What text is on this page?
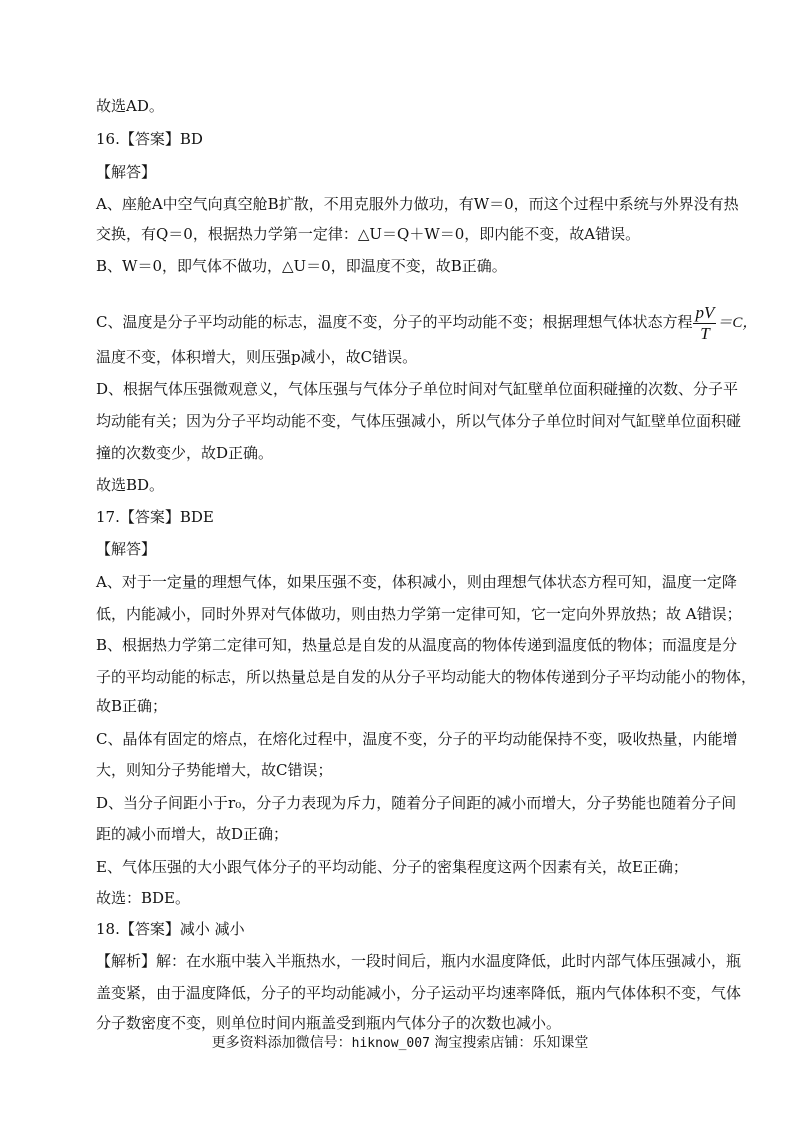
故选AD。
16.【答案】BD
【解答】
A、座舱A中空气向真空舱B扩散，不用克服外力做功，有W＝0，而这个过程中系统与外界没有热
交换，有Q＝0，根据热力学第一定律：△U＝Q＋W＝0，即内能不变，故A错误。
B、W＝0，即气体不做功，△U＝0，即温度不变，故B正确。
C、温度是分子平均动能的标志，温度不变，分子的平均动能不变；根据理想气体状态方程 $\frac{pV}{T} =C$，
温度不变，体积增大，则压强p减小，故C错误。
D、根据气体压强微观意义，气体压强与气体分子单位时间对气缸壁单位面积碰撞的次数、分子平
均动能有关；因为分子平均动能不变，气体压强减小，所以气体分子单位时间对气缸壁单位面积碰
撞的次数变少，故D正确。
故选BD。
17.【答案】BDE
【解答】
A、对于一定量的理想气体，如果压强不变，体积减小，则由理想气体状态方程可知，温度一定降
低，内能减小，同时外界对气体做功，则由热力学第一定律可知，它一定向外界放热；故 A错误；
B、根据热力学第二定律可知，热量总是自发的从温度高的物体传递到温度低的物体；而温度是分
子的平均动能的标志，所以热量总是自发的从分子平均动能大的物体传递到分子平均动能小的物体，
故B正确；
C、晶体有固定的熔点，在熔化过程中，温度不变，分子的平均动能保持不变，吸收热量，内能增
大，则知分子势能增大，故C错误；
D、当分子间距小于r₀，分子力表现为斥力，随着分子间距的减小而增大，分子势能也随着分子间
距的减小而增大，故D正确；
E、气体压强的大小跟气体分子的平均动能、分子的密集程度这两个因素有关，故E正确；
故选：BDE。
18.【答案】减小 减小
【解析】解：在水瓶中装入半瓶热水，一段时间后，瓶内水温度降低，此时内部气体压强减小，瓶
盖变紧，由于温度降低，分子的平均动能减小，分子运动平均速率降低，瓶内气体体积不变，气体
分子数密度不变，则单位时间内瓶盖受到瓶内气体分子的次数也减小。
更多资料添加微信号：hiknow_007 淘宝搜索店铺：乐知课堂
